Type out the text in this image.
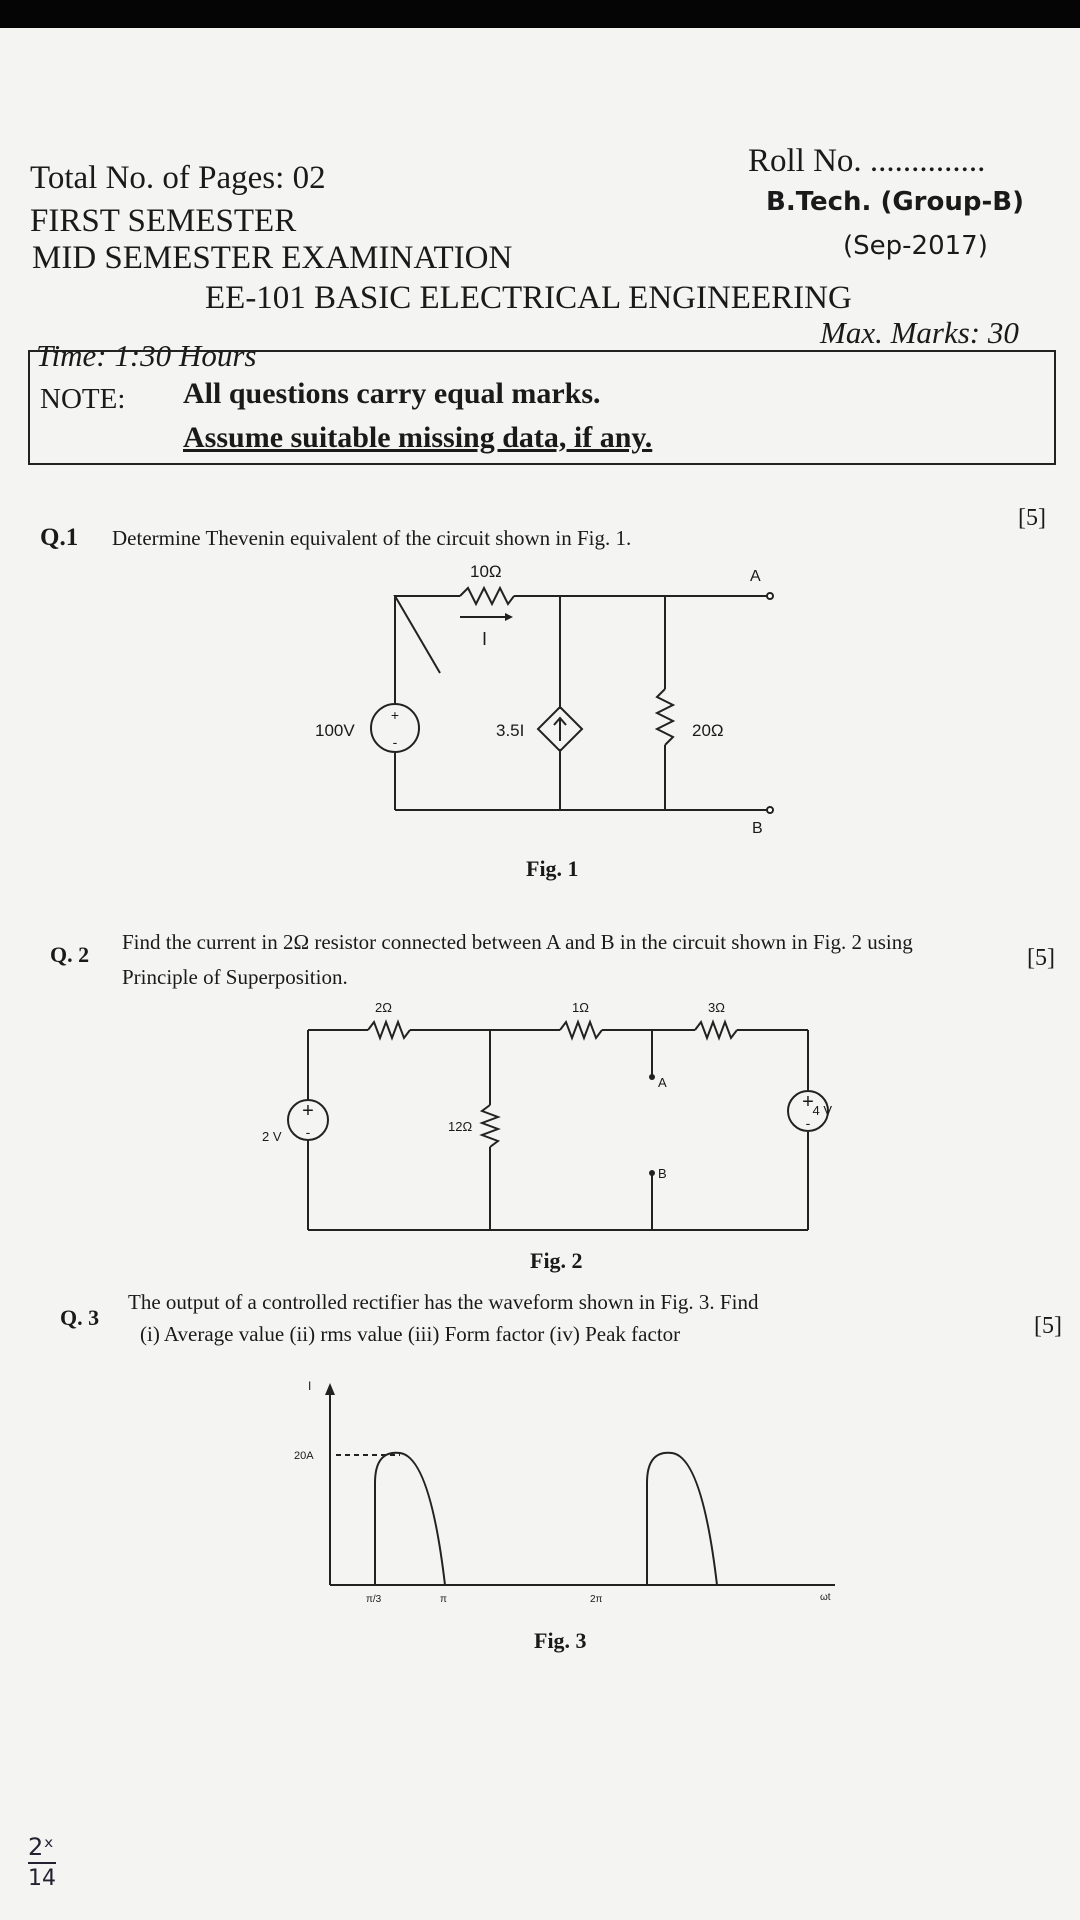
Total No. of Pages: 02	Roll No. ..............
FIRST SEMESTER
B.Tech. (Group-B)
MID SEMESTER EXAMINATION	(Sep-2017)
EE-101 BASIC ELECTRICAL ENGINEERING
Time: 1:30 Hours
Max. Marks: 30
NOTE: All questions carry equal marks.
Assume suitable missing data, if any.
Q.1 Determine Thevenin equivalent of the circuit shown in Fig. 1.
[5]
+
-
10Ω
I
100V	3.5I	20Ω
A
B
Fig. 1
Q. 2 Find the current in 2Ω resistor connected between A and B in the circuit shown in Fig. 2 using
Principle of Superposition.
[5]
+
-
+
-
2Ω	1Ω	3Ω
12Ω
A
B
2 V
4 V
Fig. 2
Q. 3
The output of a controlled rectifier has the waveform shown in Fig. 3. Find
(i) Average value (ii) rms value (iii) Form factor (iv) Peak factor	[5]
I
20A
π/3	π	2π	ωt
Fig. 3
2ˣ
14
